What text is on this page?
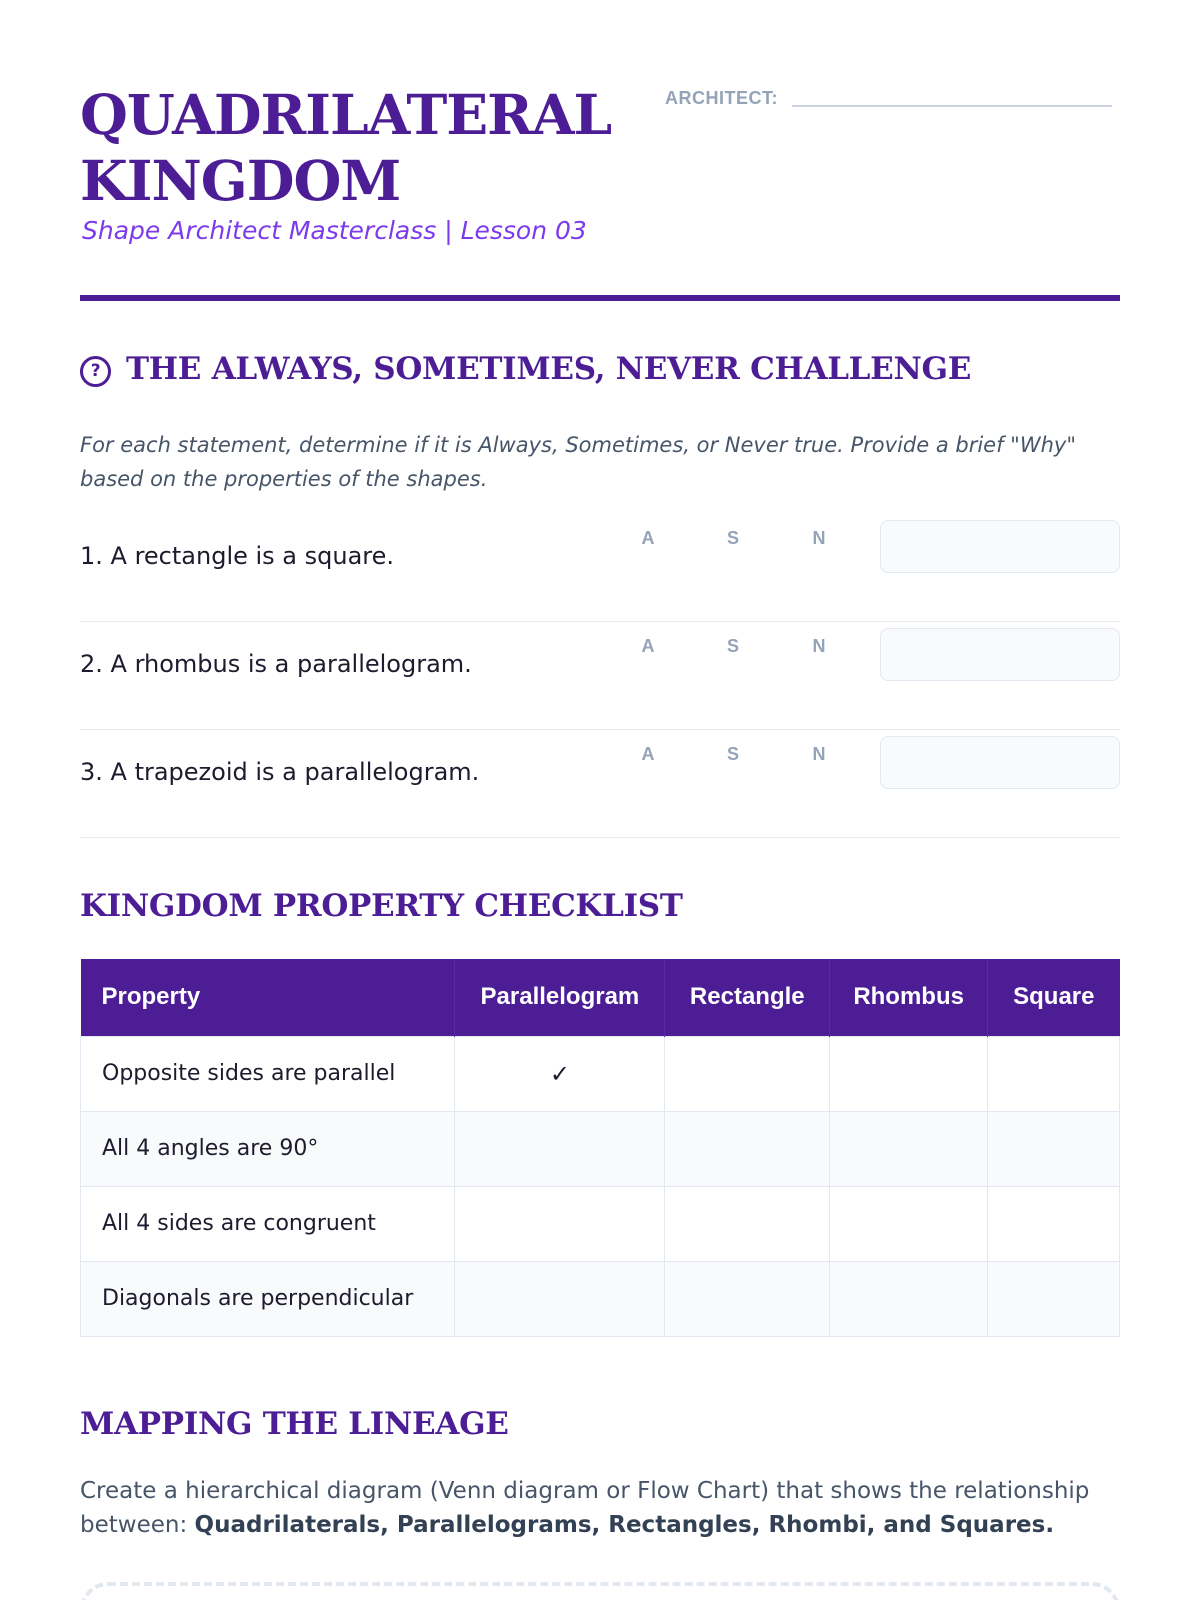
QUADRILATERAL
KINGDOM
Shape Architect Masterclass | Lesson 03
ARCHITECT:
? THE ALWAYS, SOMETIMES, NEVER CHALLENGE

For each statement, determine if it is Always, Sometimes, or Never true. Provide a brief "Why" based on the properties of the shapes.

1. A rectangle is a square.
A	S	N
2. A rhombus is a parallelogram.
A	S	N
3. A trapezoid is a parallelogram.
A	S	N
KINGDOM PROPERTY CHECKLIST
Property	Parallelogram	Rectangle	Rhombus	Square
Opposite sides are parallel	✓			
All 4 angles are 90°				
All 4 sides are congruent				
Diagonals are perpendicular				
MAPPING THE LINEAGE

Create a hierarchical diagram (Venn diagram or Flow Chart) that shows the relationship between: Quadrilaterals, Parallelograms, Rectangles, Rhombi, and Squares.
